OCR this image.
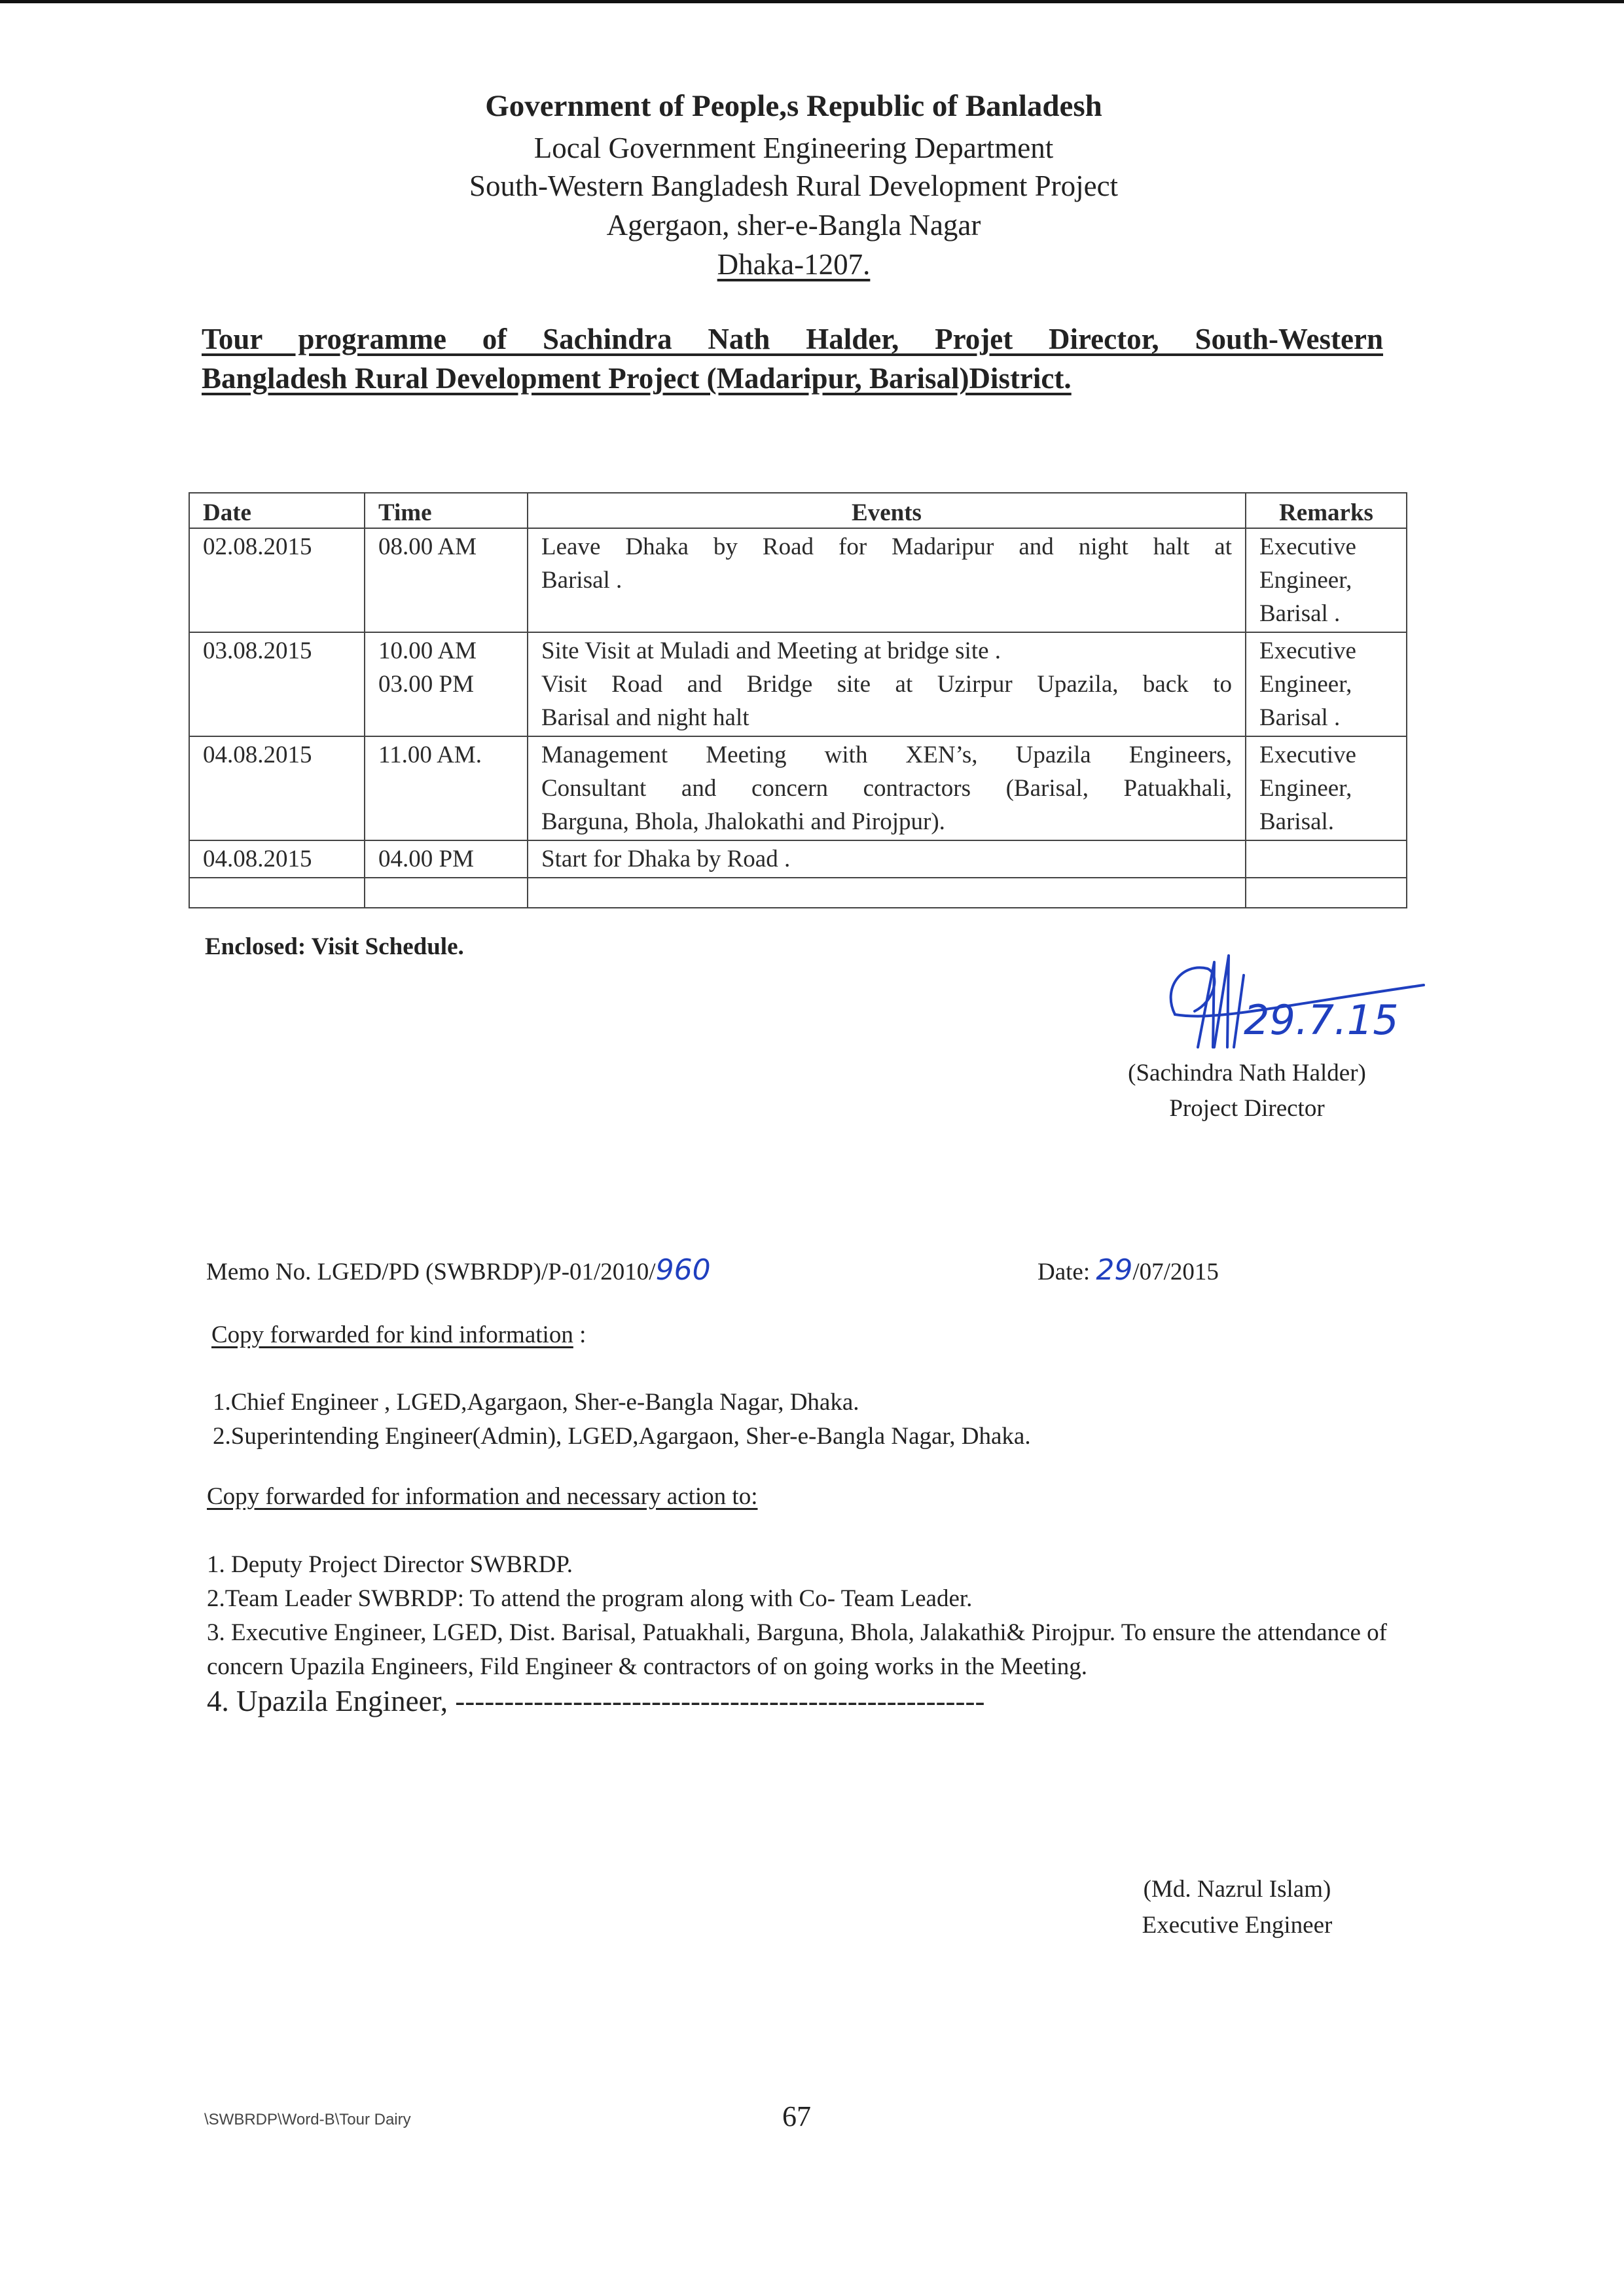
Government of People,s Republic of Banladesh
Local Government Engineering Department
South-Western Bangladesh Rural Development Project
Agergaon, sher-e-Bangla Nagar
Dhaka-1207.
Tour programme of Sachindra Nath Halder, Projet Director, South-Western

Bangladesh Rural Development Project (Madaripur, Barisal)District.
Date	Time	Events	Remarks
02.08.2015	08.00 AM	Leave Dhaka by Road for Madaripur and night halt at
Barisal .	Executive
Engineer,
Barisal .
03.08.2015	10.00 AM
03.00 PM	Site Visit at Muladi and Meeting at bridge site .
Visit Road and Bridge site at Uzirpur Upazila, back to
Barisal and night halt	Executive
Engineer,
Barisal .
04.08.2015	11.00 AM.	Management Meeting with XEN’s, Upazila Engineers,
Consultant and concern contractors (Barisal, Patuakhali,
Barguna, Bhola, Jhalokathi and Pirojpur).	Executive
Engineer,
Barisal.
04.08.2015	04.00 PM	Start for Dhaka by Road .	

Enclosed: Visit Schedule.
29.7.15
(Sachindra Nath Halder)
Project Director
Memo No. LGED/PD (SWBRDP)/P-01/2010/960	Date: 29/07/2015
Copy forwarded for kind information :
1.Chief Engineer , LGED,Agargaon, Sher-e-Bangla Nagar, Dhaka.
2.Superintending Engineer(Admin), LGED,Agargaon, Sher-e-Bangla Nagar, Dhaka.
Copy forwarded for information and necessary action to:
1. Deputy Project Director SWBRDP.
2.Team Leader SWBRDP: To attend the program along with Co- Team Leader.
3. Executive Engineer, LGED, Dist. Barisal, Patuakhali, Barguna, Bhola, Jalakathi& Pirojpur. To ensure the attendance of concern Upazila Engineers, Fild Engineer & contractors of on going works in the Meeting.
4. Upazila Engineer, ------------------------------------------------------
(Md. Nazrul Islam)
Executive Engineer
\SWBRDP\Word-B\Tour Dairy	67
